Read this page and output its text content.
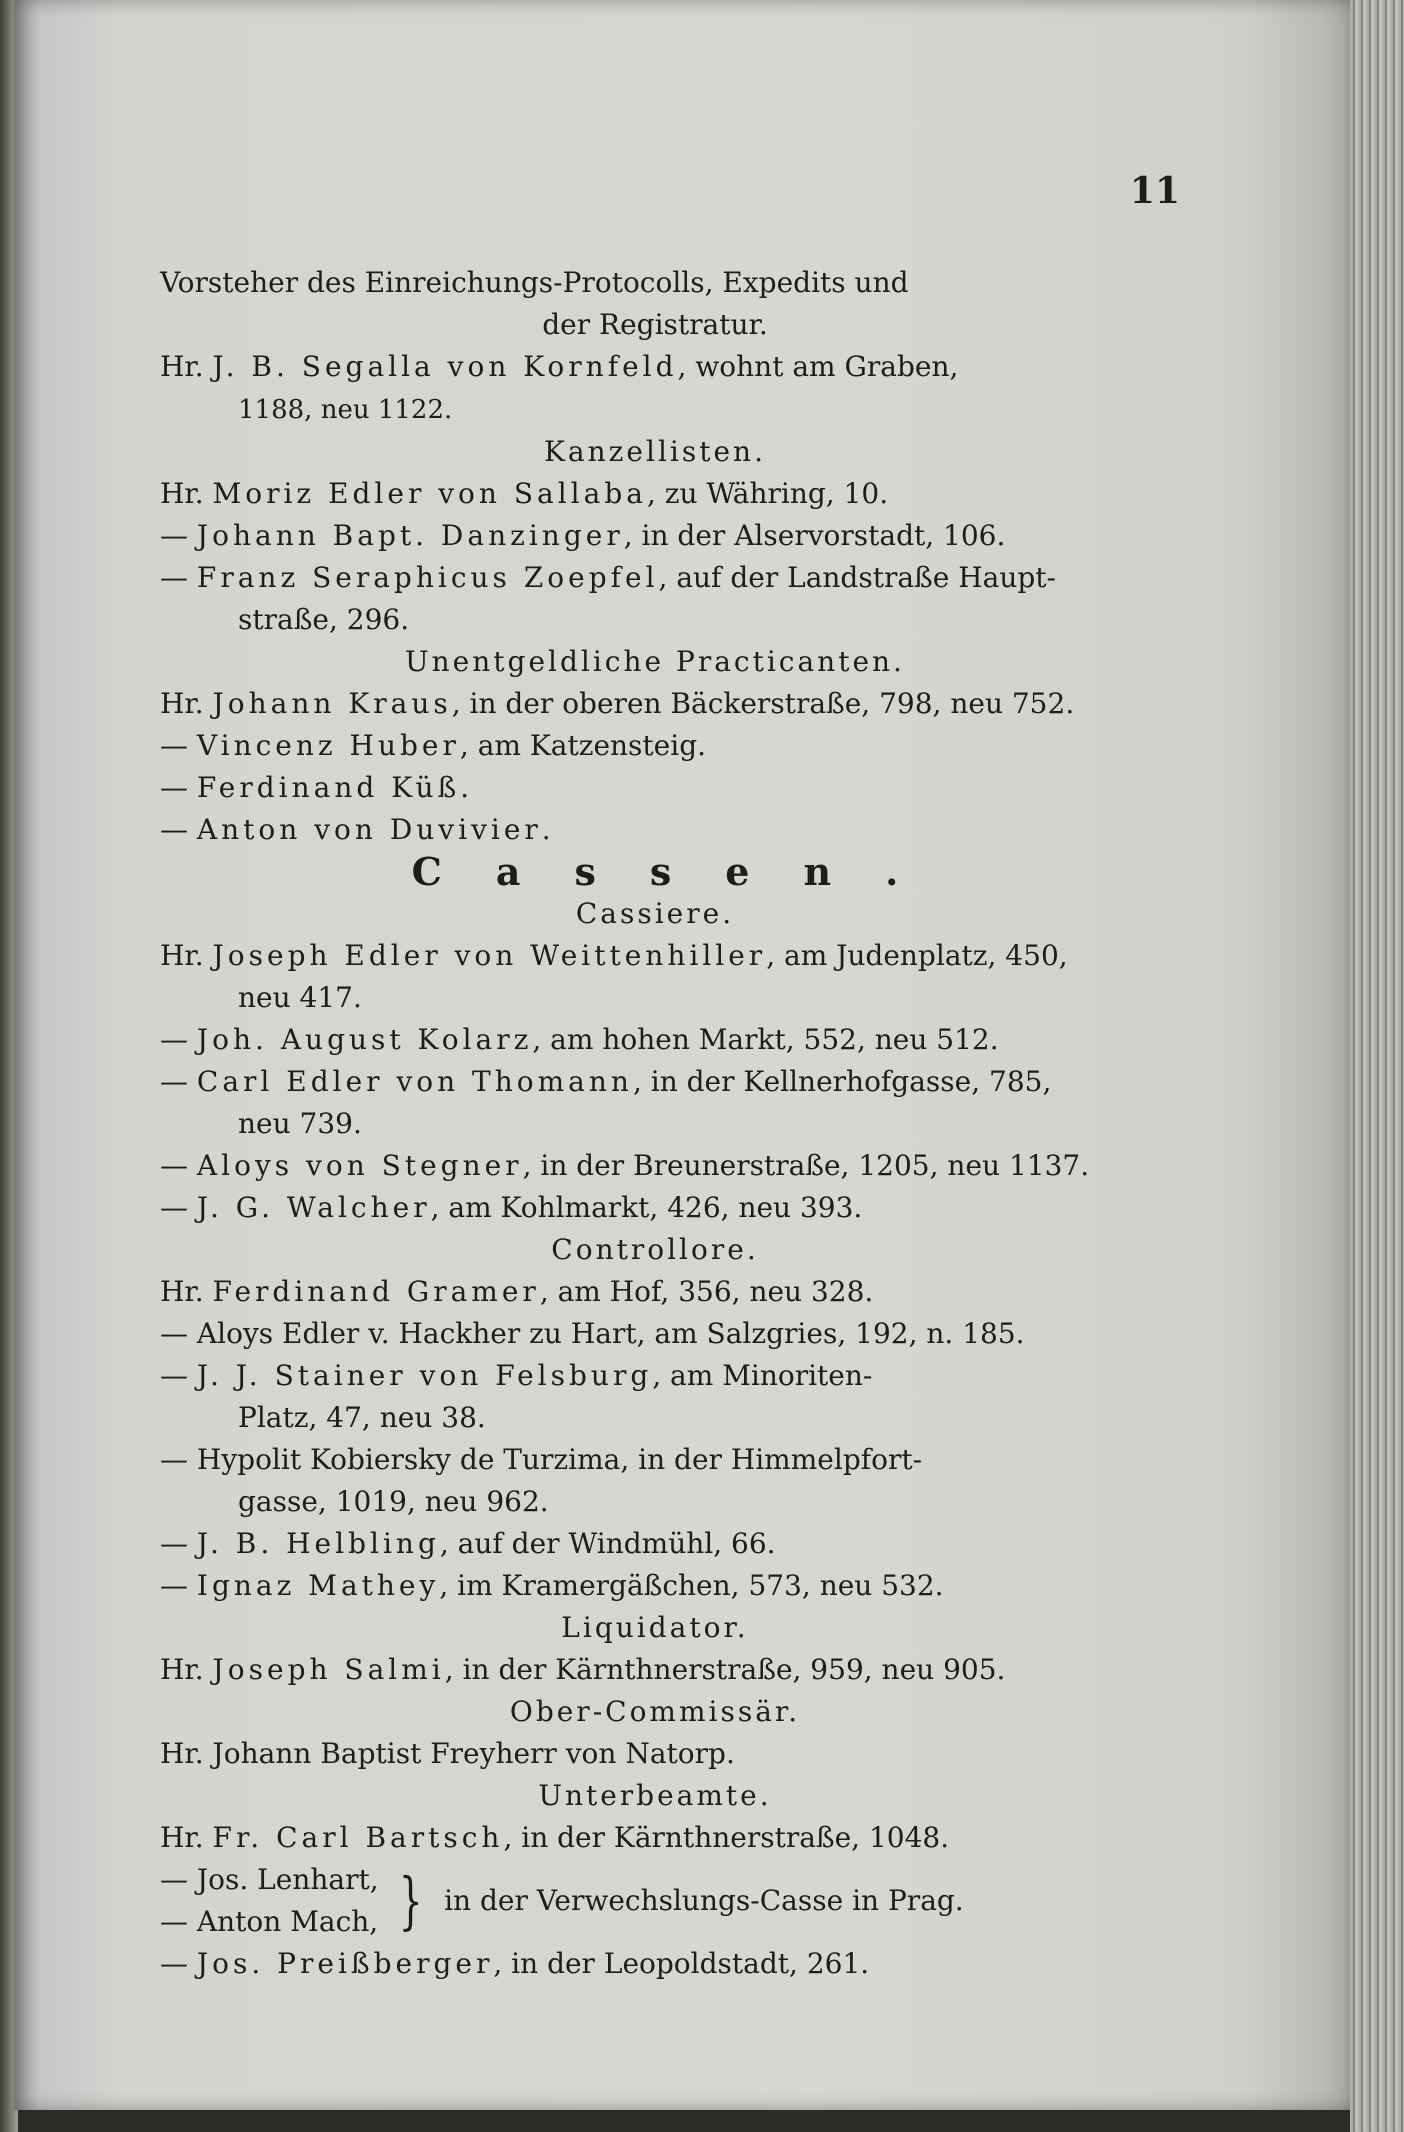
11

Vorsteher des Einreichungs-Protocolls, Expedits und

der Registratur.

Hr. J. B. Segalla von Kornfeld, wohnt am Graben,
1188, neu 1122.

Kanzellisten.

Hr. Moriz Edler von Sallaba, zu Währing, 10.

— Johann Bapt. Danzinger, in der Alservorstadt, 106.

— Franz Seraphicus Zoepfel, auf der Landstraße Haupt-
straße, 296.

Unentgeldliche Practicanten.

Hr. Johann Kraus, in der oberen Bäckerstraße, 798, neu 752.

— Vincenz Huber, am Katzensteig.

— Ferdinand Küß.

— Anton von Duvivier.

Cassen.

Cassiere.

Hr. Joseph Edler von Weittenhiller, am Judenplatz, 450,
neu 417.

— Joh. August Kolarz, am hohen Markt, 552, neu 512.

— Carl Edler von Thomann, in der Kellnerhofgasse, 785,
neu 739.

— Aloys von Stegner, in der Breunerstraße, 1205, neu 1137.

— J. G. Walcher, am Kohlmarkt, 426, neu 393.

Controllore.

Hr. Ferdinand Gramer, am Hof, 356, neu 328.

— Aloys Edler v. Hackher zu Hart, am Salzgries, 192, n. 185.

— J. J. Stainer von Felsburg, am Minoriten-
Platz, 47, neu 38.

— Hypolit Kobiersky de Turzima, in der Himmelpfort-
gasse, 1019, neu 962.

— J. B. Helbling, auf der Windmühl, 66.

— Ignaz Mathey, im Kramergäßchen, 573, neu 532.

Liquidator.

Hr. Joseph Salmi, in der Kärnthnerstraße, 959, neu 905.

Ober-Commissär.

Hr. Johann Baptist Freyherr von Natorp.

Unterbeamte.

Hr. Fr. Carl Bartsch, in der Kärnthnerstraße, 1048.

— Jos. Lenhart,

— Anton Mach, } in der Verwechslungs-Casse in Prag.

— Jos. Preißberger, in der Leopoldstadt, 261.
